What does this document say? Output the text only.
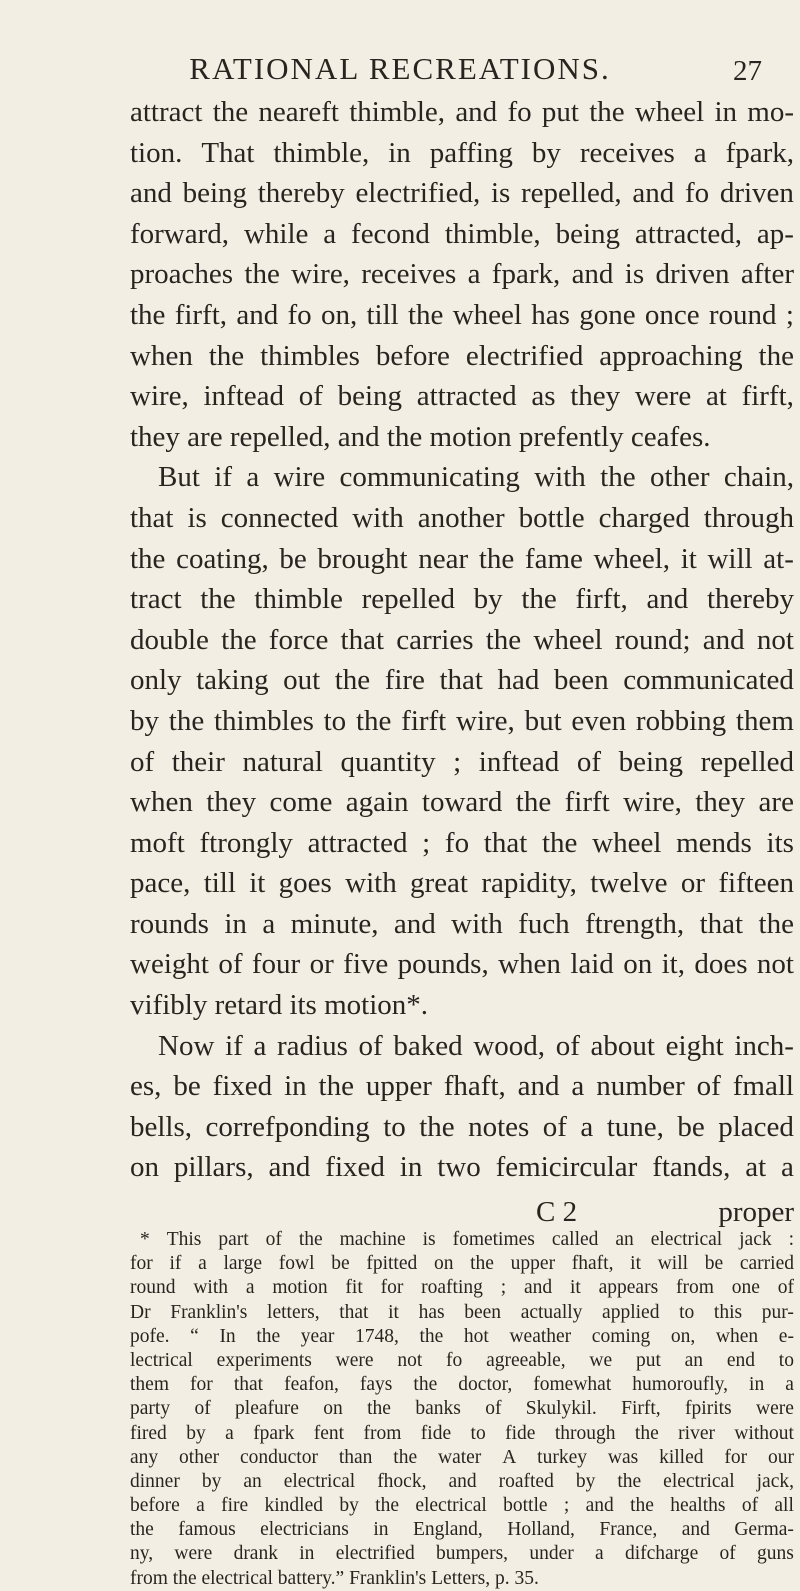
RATIONAL RECREATIONS.	27
attract the neareft thimble, and fo put the wheel in mo-
tion. That thimble, in paffing by receives a fpark,
and being thereby electrified, is repelled, and fo driven
forward, while a fecond thimble, being attracted, ap-
proaches the wire, receives a fpark, and is driven after
the firft, and fo on, till the wheel has gone once round ;
when the thimbles before electrified approaching the
wire, inftead of being attracted as they were at firft,
they are repelled, and the motion prefently ceafes.
But if a wire communicating with the other chain,
that is connected with another bottle charged through
the coating, be brought near the fame wheel, it will at-
tract the thimble repelled by the firft, and thereby
double the force that carries the wheel round; and not
only taking out the fire that had been communicated
by the thimbles to the firft wire, but even robbing them
of their natural quantity ; inftead of being repelled
when they come again toward the firft wire, they are
moft ftrongly attracted ; fo that the wheel mends its
pace, till it goes with great rapidity, twelve or fifteen
rounds in a minute, and with fuch ftrength, that the
weight of four or five pounds, when laid on it, does not
vifibly retard its motion*.
Now if a radius of baked wood, of about eight inch-
es, be fixed in the upper fhaft, and a number of fmall
bells, correfponding to the notes of a tune, be placed
on pillars, and fixed in two femicircular ftands, at a
C 2	proper
* This part of the machine is fometimes called an electrical jack :
for if a large fowl be fpitted on the upper fhaft, it will be carried
round with a motion fit for roafting ; and it appears from one of
Dr Franklin's letters, that it has been actually applied to this pur-
pofe. “ In the year 1748, the hot weather coming on, when e-
lectrical experiments were not fo agreeable, we put an end to
them for that feafon, fays the doctor, fomewhat humoroufly, in a
party of pleafure on the banks of Skulykil. Firft, fpirits were
fired by a fpark fent from fide to fide through the river without
any other conductor than the water A turkey was killed for our
dinner by an electrical fhock, and roafted by the electrical jack,
before a fire kindled by the electrical bottle ; and the healths of all
the famous electricians in England, Holland, France, and Germa-
ny, were drank in electrified bumpers, under a difcharge of guns
from the electrical battery.” Franklin's Letters, p. 35.
